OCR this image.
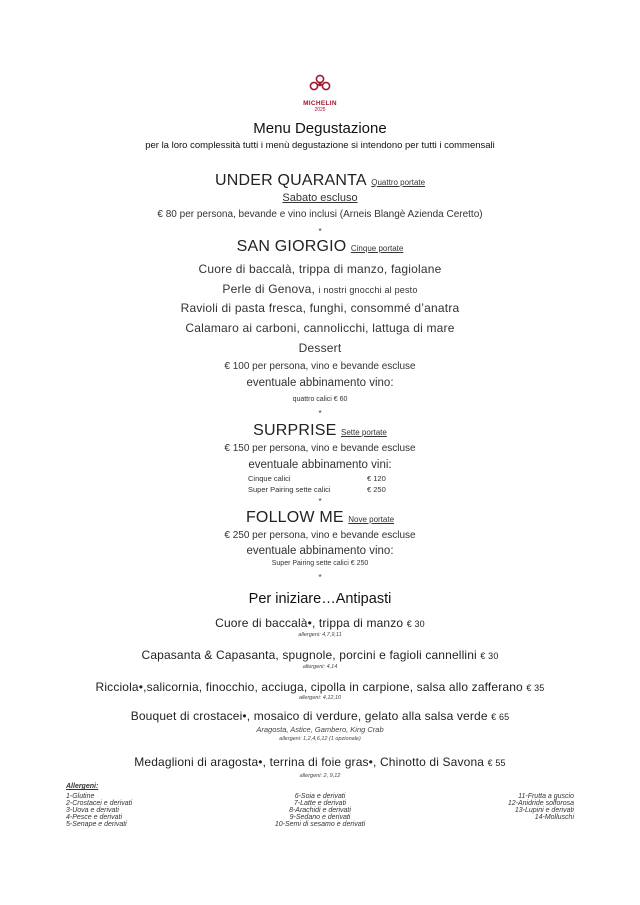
MICHELIN
2025
Menu Degustazione
per la loro complessità tutti i menù degustazione si intendono per tutti i commensali
UNDER QUARANTA Quattro portate
Sabato escluso
€ 80 per persona, bevande e vino inclusi (Arneis Blangè Azienda Ceretto)
*
SAN GIORGIO Cinque portate
Cuore di baccalà, trippa di manzo, fagiolane
Perle di Genova, i nostri gnocchi al pesto
Ravioli di pasta fresca, funghi, consommé d’anatra
Calamaro ai carboni, cannolicchi, lattuga di mare
Dessert
€ 100 per persona, vino e bevande escluse
eventuale abbinamento vino:
quattro calici € 60
*
SURPRISE Sette portate
€ 150 per persona, vino e bevande escluse
eventuale abbinamento vini:
Cinque calici	€ 120
Super Pairing sette calici	€ 250
*
FOLLOW ME Nove portate
€ 250 per persona, vino e bevande escluse
eventuale abbinamento vino:
Super Pairing sette calici € 250
*
Per iniziare…Antipasti
Cuore di baccalà•, trippa di manzo € 30
allergeni: 4,7,9,11
Capasanta & Capasanta, spugnole, porcini e fagioli cannellini € 30
allergeni: 4,14
Ricciola•,salicornia, finocchio, acciuga, cipolla in carpione, salsa allo zafferano € 35
allergeni: 4,12,10
Bouquet di crostacei•, mosaico di verdure, gelato alla salsa verde € 65
Aragosta, Astice, Gambero, King Crab
allergeni: 1,2,4,6,12 (1 opzionale)
Medaglioni di aragosta•, terrina di foie gras•, Chinotto di Savona € 55
allergeni: 2, 9,12
Allergeni:
1-Glutine
2-Crostacei e derivati
3-Uova e derivati
4-Pesce e derivati
5-Senape e derivati
6-Soia e derivati
7-Latte e derivati
8-Arachidi e derivati
9-Sedano e derivati
10-Semi di sesamo e derivati
11-Frutta a guscio
12-Anidride solforosa
13-Lupini e derivati
14-Molluschi
